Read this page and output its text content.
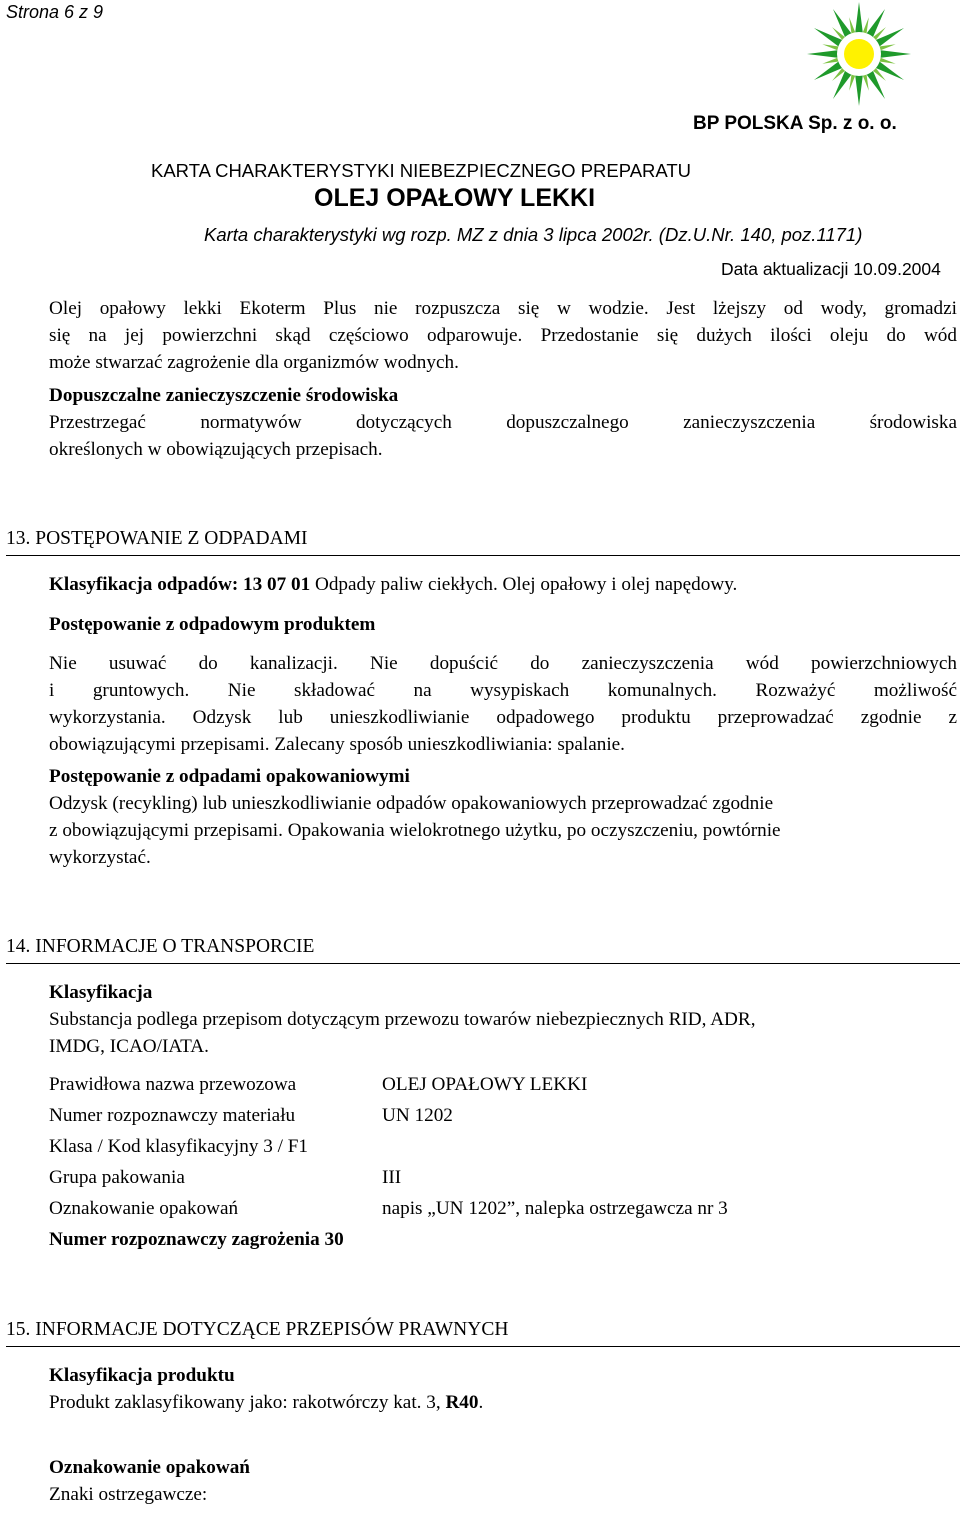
Strona 6 z 9
BP POLSKA Sp. z o. o.
KARTA CHARAKTERYSTYKI NIEBEZPIECZNEGO PREPARATU
OLEJ OPAŁOWY LEKKI
Karta charakterystyki wg rozp. MZ z dnia 3 lipca 2002r. (Dz.U.Nr. 140, poz.1171)
Data aktualizacji 10.09.2004
Olej opałowy lekki Ekoterm Plus nie rozpuszcza się w wodzie. Jest lżejszy od wody, gromadzi
się na jej powierzchni skąd częściowo odparowuje. Przedostanie się dużych ilości oleju do wód
może stwarzać zagrożenie dla organizmów wodnych.
Dopuszczalne zanieczyszczenie środowiska
Przestrzegać normatywów dotyczących dopuszczalnego zanieczyszczenia środowiska
określonych w obowiązujących przepisach.
13. POSTĘPOWANIE Z ODPADAMI
Klasyfikacja odpadów: 13 07 01 Odpady paliw ciekłych. Olej opałowy i olej napędowy.
Postępowanie z odpadowym produktem
Nie usuwać do kanalizacji. Nie dopuścić do zanieczyszczenia wód powierzchniowych
i gruntowych. Nie składować na wysypiskach komunalnych. Rozważyć możliwość
wykorzystania. Odzysk lub unieszkodliwianie odpadowego produktu przeprowadzać zgodnie z
obowiązującymi przepisami. Zalecany sposób unieszkodliwiania: spalanie.
Postępowanie z odpadami opakowaniowymi
Odzysk (recykling) lub unieszkodliwianie odpadów opakowaniowych przeprowadzać zgodnie
z obowiązującymi przepisami. Opakowania wielokrotnego użytku, po oczyszczeniu, powtórnie
wykorzystać.
14. INFORMACJE O TRANSPORCIE
Klasyfikacja
Substancja podlega przepisom dotyczącym przewozu towarów niebezpiecznych RID, ADR,
IMDG, ICAO/IATA.
Prawidłowa nazwa przewozowa	OLEJ OPAŁOWY LEKKI
Numer rozpoznawczy materiału	UN 1202
Klasa / Kod klasyfikacyjny 3 / F1
Grupa pakowania	III
Oznakowanie opakowań	napis „UN 1202”, nalepka ostrzegawcza nr 3
Numer rozpoznawczy zagrożenia 30
15. INFORMACJE DOTYCZĄCE PRZEPISÓW PRAWNYCH
Klasyfikacja produktu
Produkt zaklasyfikowany jako: rakotwórczy kat. 3, R40.
Oznakowanie opakowań
Znaki ostrzegawcze:
